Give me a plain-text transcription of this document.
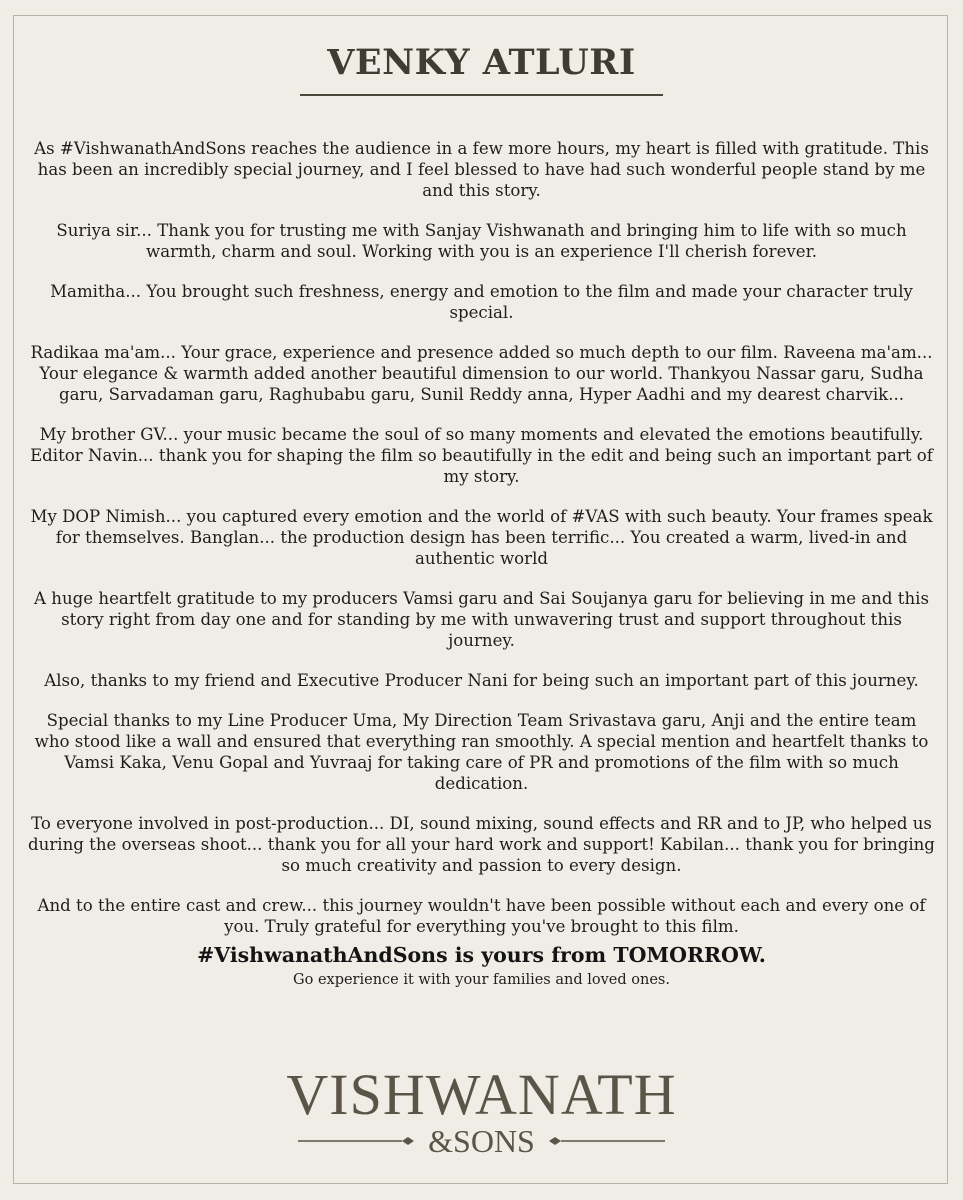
VENKY ATLURI

As #VishwanathAndSons reaches the audience in a few more hours, my heart is filled with gratitude. This has been an incredibly special journey, and I feel blessed to have had such wonderful people stand by me and this story.

Suriya sir... Thank you for trusting me with Sanjay Vishwanath and bringing him to life with so much warmth, charm and soul. Working with you is an experience I'll cherish forever.

Mamitha... You brought such freshness, energy and emotion to the film and made your character truly special.

Radikaa ma'am... Your grace, experience and presence added so much depth to our film. Raveena ma'am... Your elegance & warmth added another beautiful dimension to our world. Thankyou Nassar garu, Sudha garu, Sarvadaman garu, Raghubabu garu, Sunil Reddy anna, Hyper Aadhi and my dearest charvik...

My brother GV... your music became the soul of so many moments and elevated the emotions beautifully. Editor Navin... thank you for shaping the film so beautifully in the edit and being such an important part of my story.

My DOP Nimish... you captured every emotion and the world of #VAS with such beauty. Your frames speak for themselves. Banglan... the production design has been terrific... You created a warm, lived-in and authentic world

A huge heartfelt gratitude to my producers Vamsi garu and Sai Soujanya garu for believing in me and this story right from day one and for standing by me with unwavering trust and support throughout this journey.

Also, thanks to my friend and Executive Producer Nani for being such an important part of this journey.

Special thanks to my Line Producer Uma, My Direction Team Srivastava garu, Anji and the entire team who stood like a wall and ensured that everything ran smoothly. A special mention and heartfelt thanks to Vamsi Kaka, Venu Gopal and Yuvraaj for taking care of PR and promotions of the film with so much dedication.

To everyone involved in post-production... DI, sound mixing, sound effects and RR and to JP, who helped us during the overseas shoot... thank you for all your hard work and support! Kabilan... thank you for bringing so much creativity and passion to every design.

And to the entire cast and crew... this journey wouldn't have been possible without each and every one of you. Truly grateful for everything you've brought to this film.

#VishwanathAndSons is yours from TOMORROW.

Go experience it with your families and loved ones.

VISHWANATH
&SONS
